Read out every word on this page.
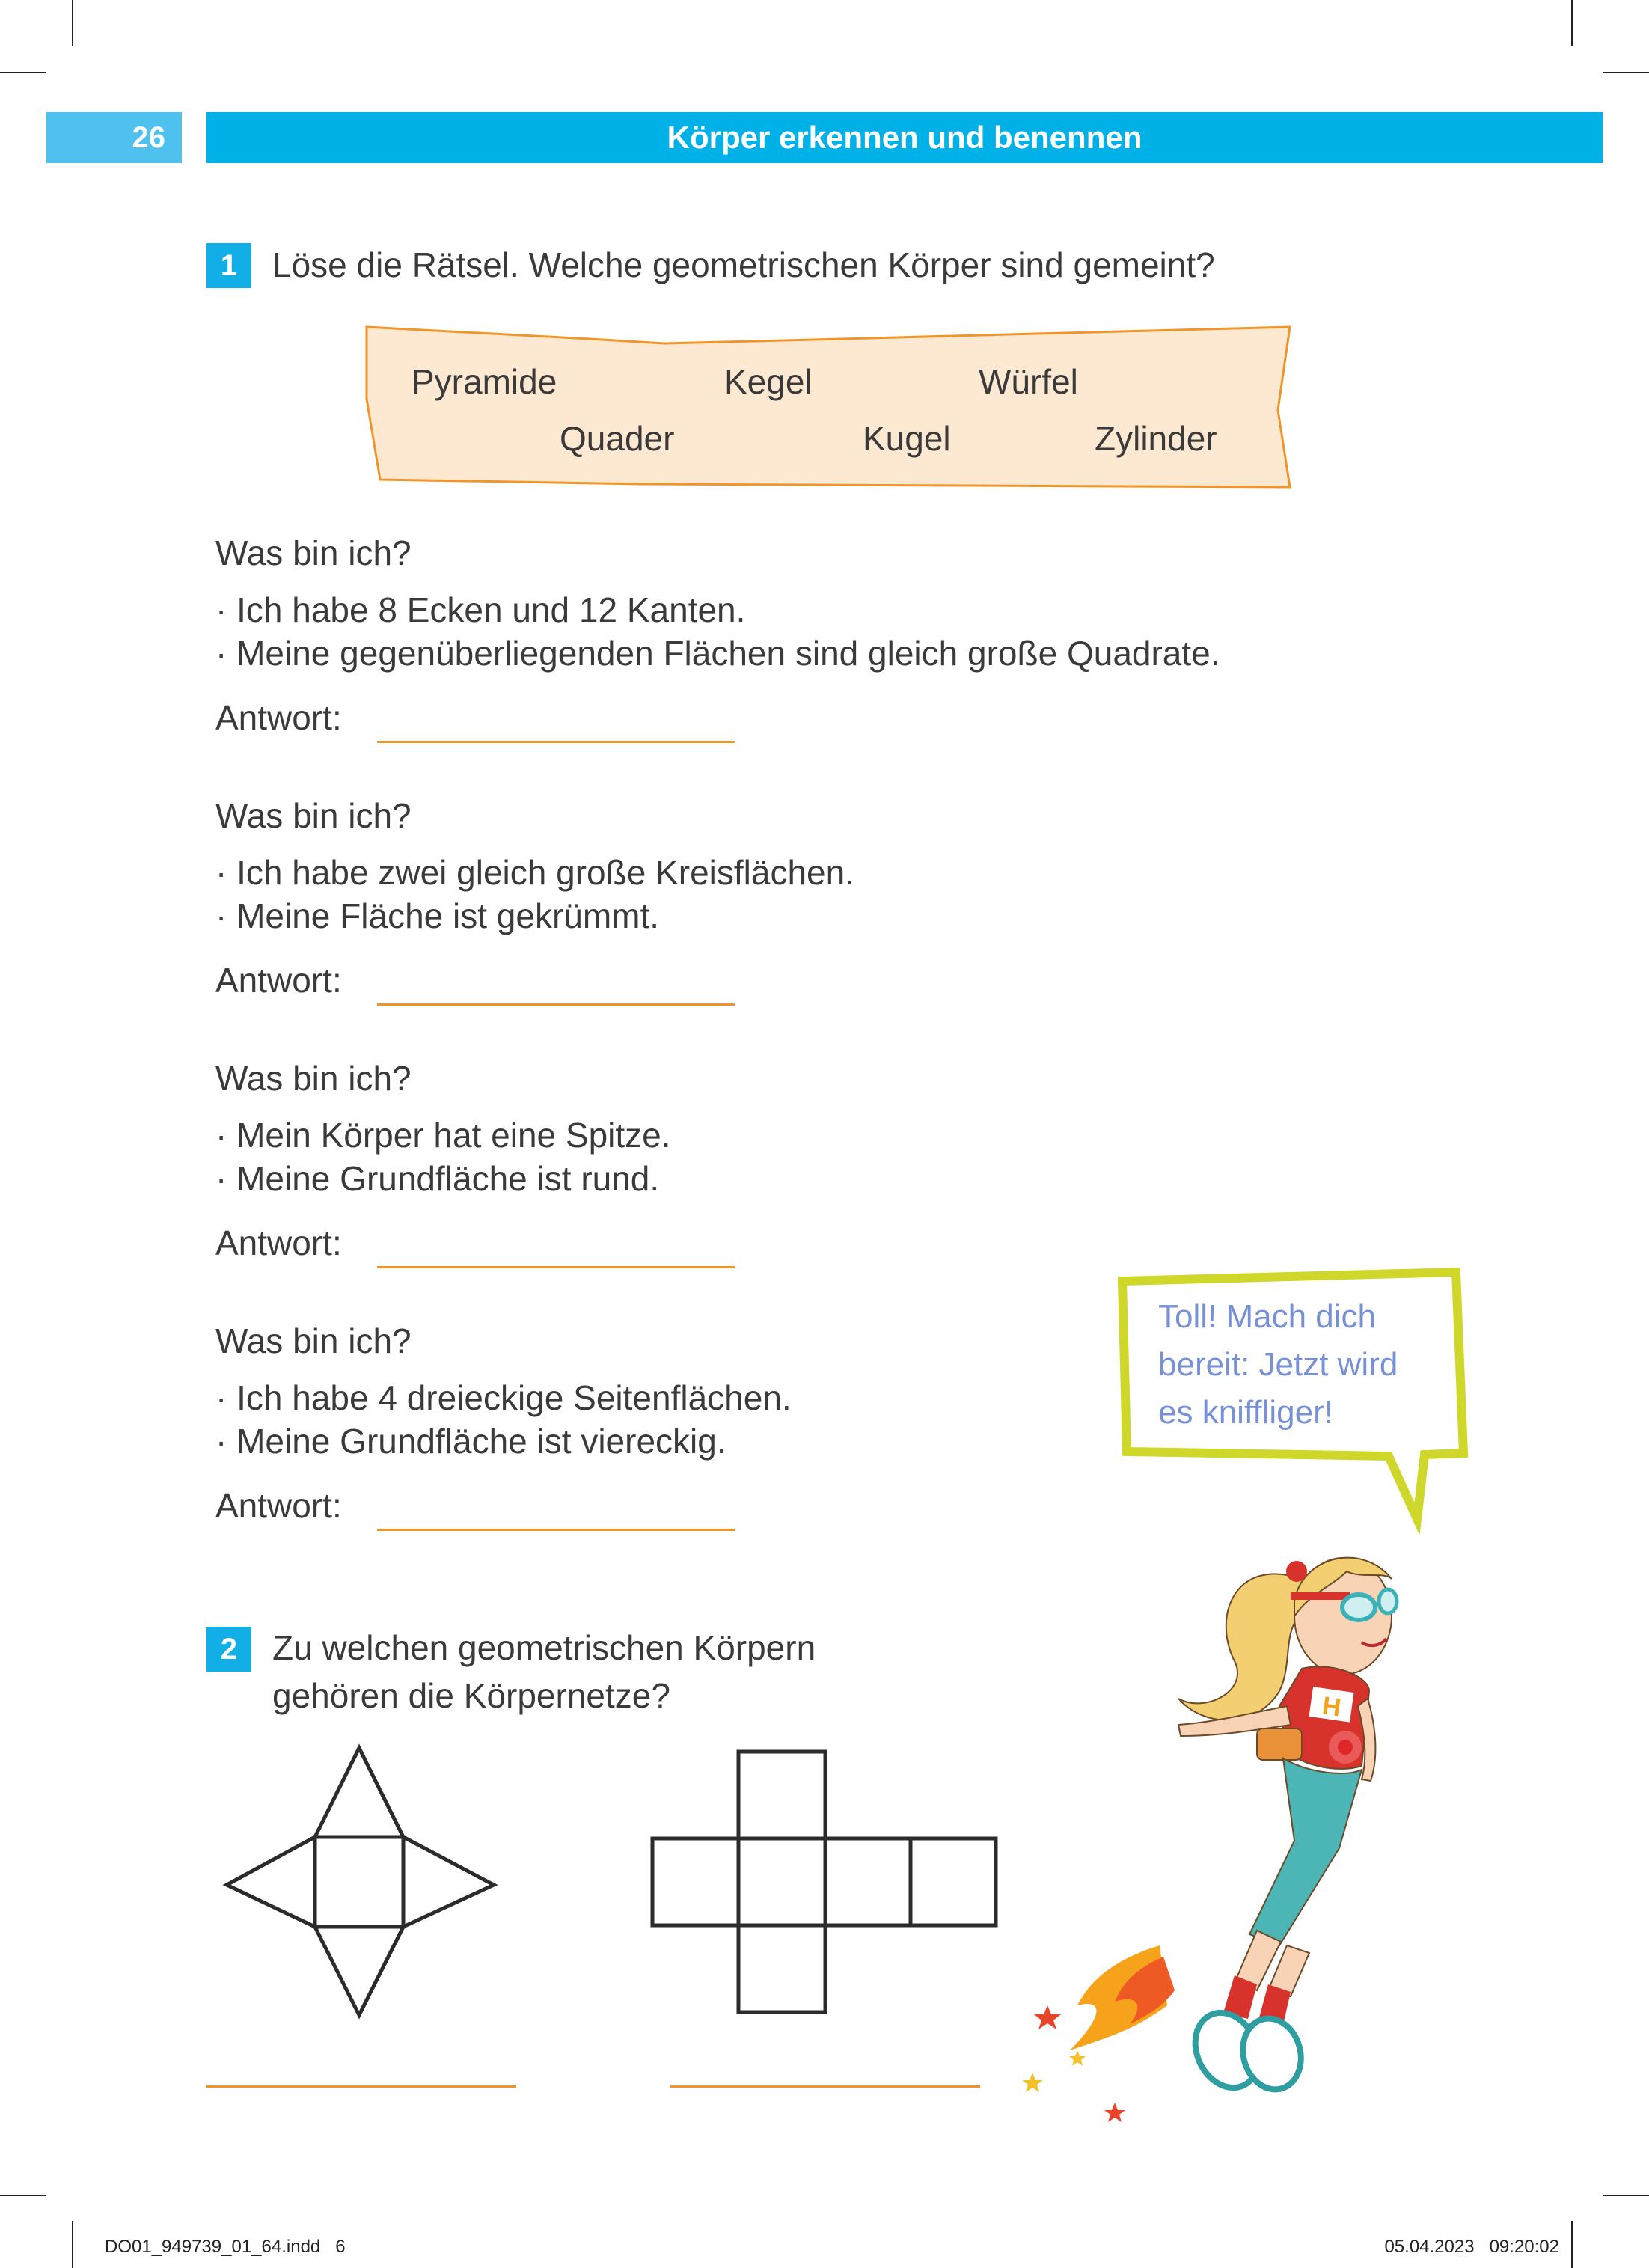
26	Körper erkennen und benennen
1	Löse die Rätsel. Welche geometrischen Körper sind gemeint?
Pyramide	Kegel	Würfel
Quader	Kugel	Zylinder
Was bin ich?
· Ich habe 8 Ecken und 12 Kanten.
· Meine gegenüberliegenden Flächen sind gleich große Quadrate.
Antwort:
Was bin ich?
· Ich habe zwei gleich große Kreisflächen.
· Meine Fläche ist gekrümmt.
Antwort:
Was bin ich?
· Mein Körper hat eine Spitze.
· Meine Grundfläche ist rund.
Antwort:
Was bin ich?
· Ich habe 4 dreieckige Seitenflächen.
· Meine Grundfläche ist viereckig.
Antwort:
Toll! Mach dich
bereit: Jetzt wird
es kniffliger!
2	Zu welchen geometrischen Körpern
gehören die Körpernetze?	H
DO01_949739_01_64.indd   6	05.04.2023   09:20:02
